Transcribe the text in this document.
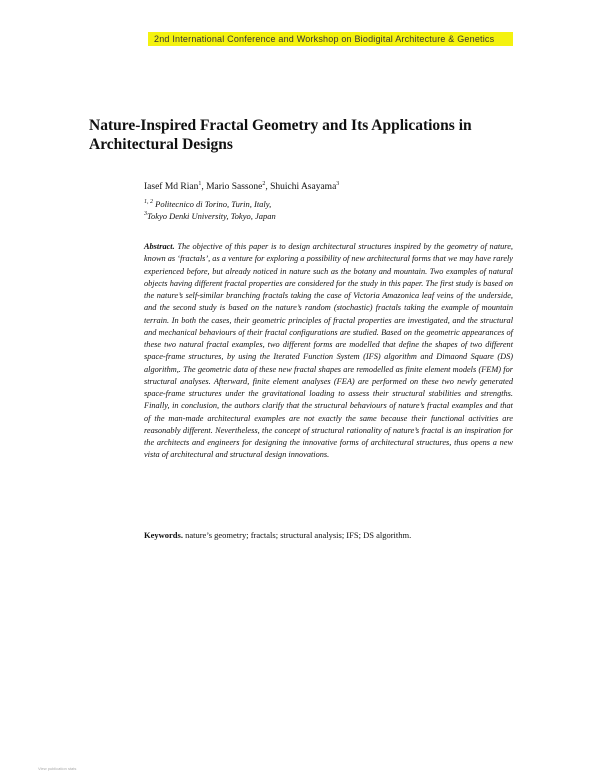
2nd International Conference and Workshop on Biodigital Architecture & Genetics
Nature-Inspired Fractal Geometry and Its Applications in Architectural Designs
Iasef Md Rian$^1$, Mario Sassone$^2$, Shuichi Asayama$^3$
$^{1, 2}$ Politecnico di Torino, Turin, Italy,
$^3$Tokyo Denki University, Tokyo, Japan

Abstract. The objective of this paper is to design architectural structures inspired by the geometry of nature, known as ‘fractals’, as a venture for exploring a possibility of new architectural forms that we may have rarely experienced before, but already noticed in nature such as the botany and mountain. Two examples of natural objects having different fractal properties are considered for the study in this paper. The first study is based on the nature’s self-similar branching fractals taking the case of Victoria Amazonica leaf veins of the underside, and the second study is based on the nature’s random (stochastic) fractals taking the example of mountain terrain. In both the cases, their geometric principles of fractal properties are investigated, and the structural and mechanical behaviours of their fractal configurations are studied. Based on the geometric appearances of these two natural fractal examples, two different forms are modelled that define the shapes of two different space-frame structures, by using the Iterated Function System (IFS) algorithm and Dimaond Square (DS) algorithm,. The geometric data of these new fractal shapes are remodelled as finite element models (FEM) for structural analyses. Afterward, finite element analyses (FEA) are performed on these two newly generated space-frame structures under the gravitational loading to assess their structural stabilities and strengths. Finally, in conclusion, the authors clarify that the structural behaviours of nature’s fractal examples and that of the man-made architectural examples are not exactly the same because their functional activities are reasonably different. Nevertheless, the concept of structural rationality of nature’s fractal is an inspiration for the architects and engineers for designing the innovative forms of architectural structures, thus opens a new vista of architectural and structural design innovations.

Keywords. nature’s geometry; fractals; structural analysis; IFS; DS algorithm.
View publication stats
